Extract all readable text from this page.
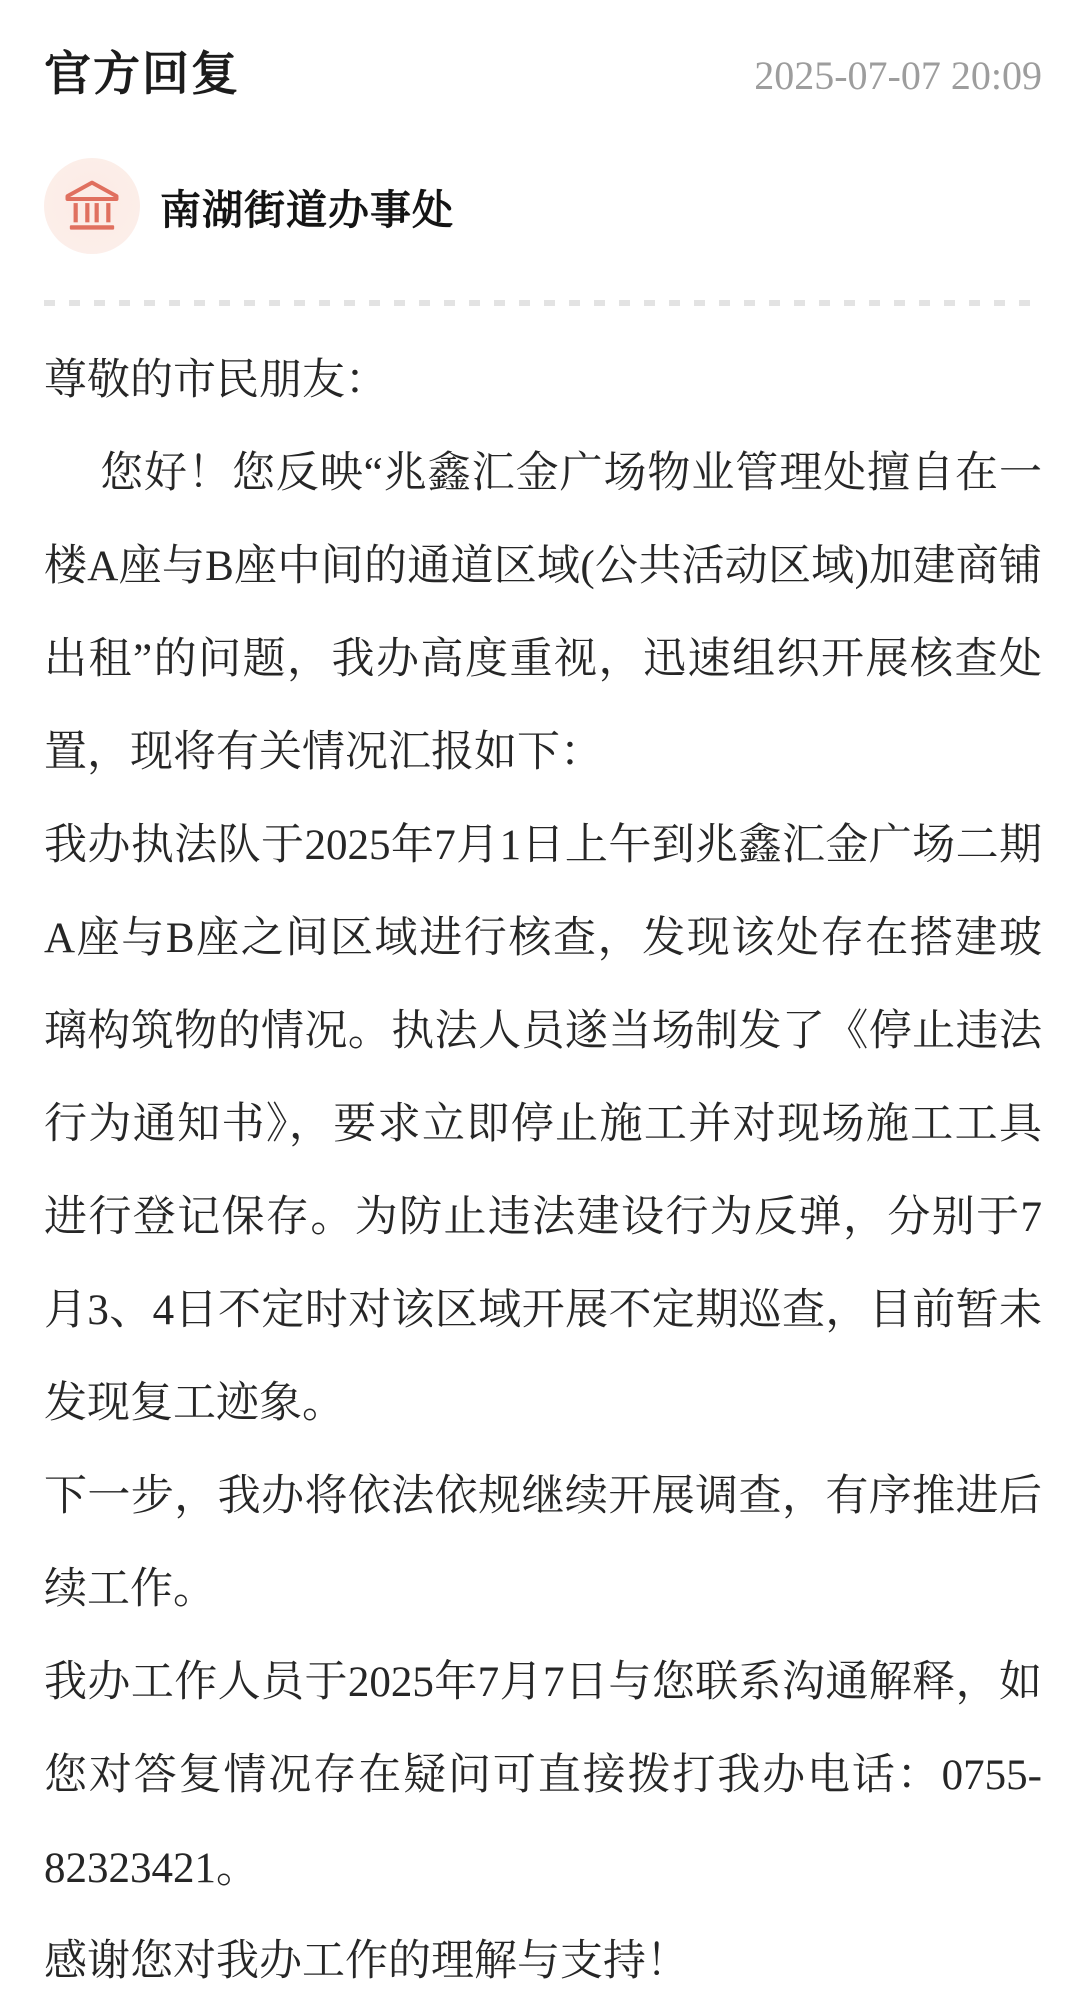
官方回复	2025-07-07 20:09
南湖街道办事处

尊敬的市民朋友：

您好！您反映“兆鑫汇金广场物业管理处擅自在一楼A座与B座中间的通道区域(公共活动区域)加建商铺出租”的问题，我办高度重视，迅速组织开展核查处置，现将有关情况汇报如下：

我办执法队于2025年7月1日上午到兆鑫汇金广场二期A座与B座之间区域进行核查，发现该处存在搭建玻璃构筑物的情况。执法人员遂当场制发了《停止违法行为通知书》，要求立即停止施工并对现场施工工具进行登记保存。为防止违法建设行为反弹，分别于7月3、4日不定时对该区域开展不定期巡查，目前暂未发现复工迹象。

下一步，我办将依法依规继续开展调查，有序推进后续工作。

我办工作人员于2025年7月7日与您联系沟通解释，如您对答复情况存在疑问可直接拨打我办电话：0755-82323421。

感谢您对我办工作的理解与支持！
